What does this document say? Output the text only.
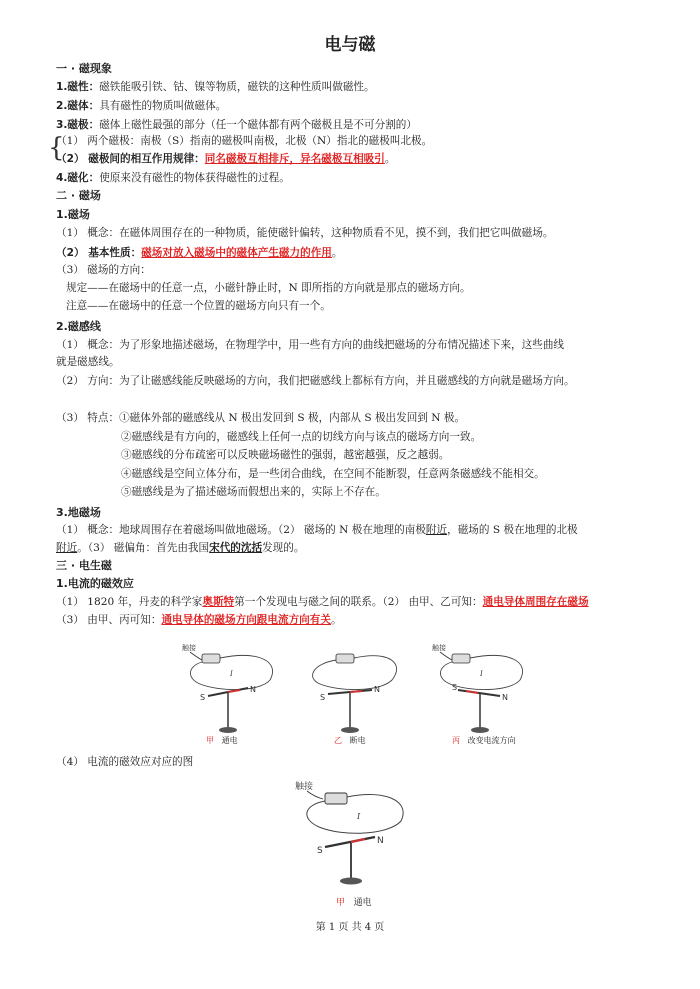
电与磁
一 · 磁现象
1.磁性：磁铁能吸引铁、钴、镍等物质，磁铁的这种性质叫做磁性。
2.磁体：具有磁性的物质叫做磁体。
3.磁极：磁体上磁性最强的部分（任一个磁体都有两个磁极且是不可分割的）
{
（1） 两个磁极：南极（S）指南的磁极叫南极，北极（N）指北的磁极叫北极。
（2） 磁极间的相互作用规律：同名磁极互相排斥，异名磁极互相吸引。
4.磁化：使原来没有磁性的物体获得磁性的过程。
二 · 磁场
1.磁场
（1） 概念：在磁体周围存在的一种物质，能使磁针偏转，这种物质看不见，摸不到，我们把它叫做磁场。
（2） 基本性质：磁场对放入磁场中的磁体产生磁力的作用。
（3） 磁场的方向：
规定——在磁场中的任意一点，小磁针静止时，N 即所指的方向就是那点的磁场方向。
注意——在磁场中的任意一个位置的磁场方向只有一个。
2.磁感线
（1） 概念：为了形象地描述磁场，在物理学中，用一些有方向的曲线把磁场的分布情况描述下来，这些曲线
就是磁感线。
（2） 方向：为了让磁感线能反映磁场的方向，我们把磁感线上都标有方向，并且磁感线的方向就是磁场方向。
（3） 特点：①磁体外部的磁感线从 N 极出发回到 S 极，内部从 S 极出发回到 N 极。
②磁感线是有方向的，磁感线上任何一点的切线方向与该点的磁场方向一致。
③磁感线的分布疏密可以反映磁场磁性的强弱，越密越强，反之越弱。
④磁感线是空间立体分布，是一些闭合曲线，在空间不能断裂，任意两条磁感线不能相交。
⑤磁感线是为了描述磁场而假想出来的，实际上不存在。
3.地磁场
（1） 概念：地球周围存在着磁场叫做地磁场。（2） 磁场的 N 极在地理的南极附近，磁场的 S 极在地理的北极
附近。（3） 磁偏角：首先由我国宋代的沈括发现的。
三 · 电生磁
1.电流的磁效应
（1） 1820 年，丹麦的科学家奥斯特第一个发现电与磁之间的联系。（2） 由甲、乙可知：通电导体周围存在磁场
（3） 由甲、丙可知：通电导体的磁场方向跟电流方向有关。
触接
I
S
N
甲 通电
S
N
乙 断电
触接
I
S
N
丙 改变电流方向
（4） 电流的磁效应对应的图
触接
I
S
N
甲 通电
第 1 页 共 4 页
